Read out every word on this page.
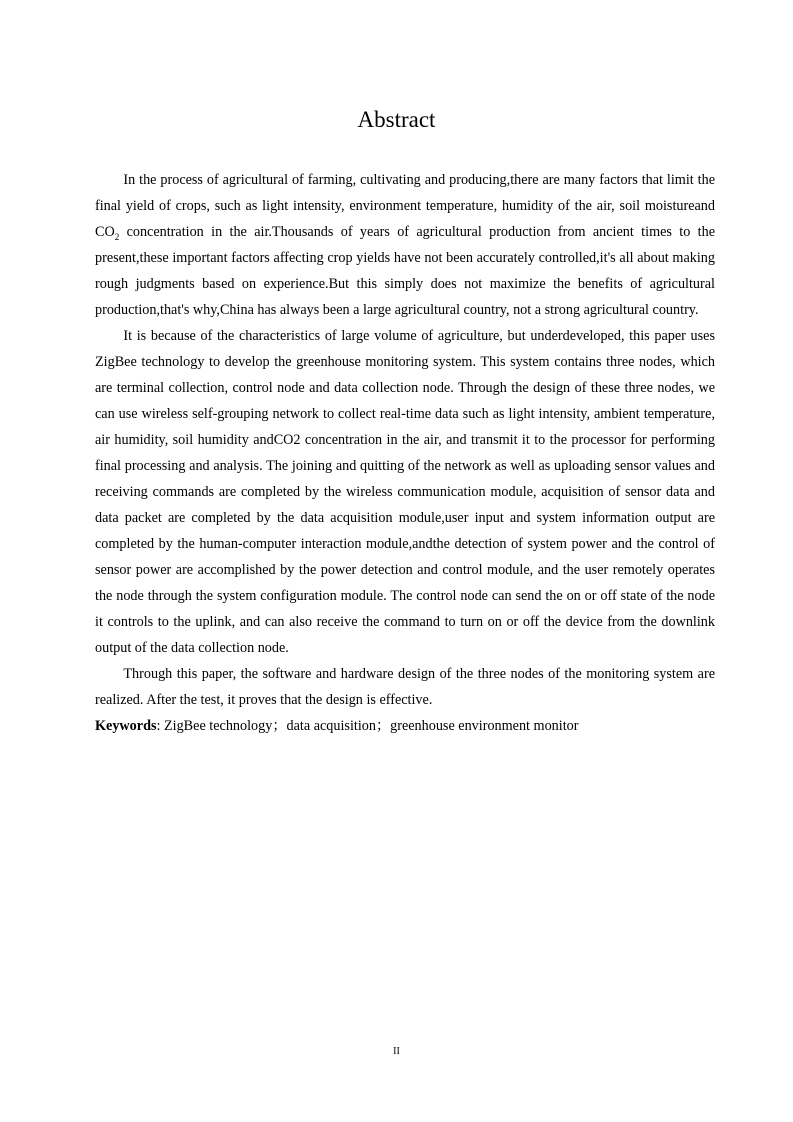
Abstract

In the process of agricultural of farming, cultivating and producing,there are many factors that limit the final yield of crops, such as light intensity, environment temperature, humidity of the air, soil moistureand $CO_2$ concentration in the air.Thousands of years of agricultural production from ancient times to the present,these important factors affecting crop yields have not been accurately controlled,it's all about making rough judgments based on experience.But this simply does not maximize the benefits of agricultural production,that's why,China has always been a large agricultural country, not a strong agricultural country.

It is because of the characteristics of large volume of agriculture, but underdeveloped, this paper uses ZigBee technology to develop the greenhouse monitoring system. This system contains three nodes, which are terminal collection, control node and data collection node. Through the design of these three nodes, we can use wireless self-grouping network to collect real-time data such as light intensity, ambient temperature, air humidity, soil humidity andCO2 concentration in the air, and transmit it to the processor for performing final processing and analysis. The joining and quitting of the network as well as uploading sensor values and receiving commands are completed by the wireless communication module, acquisition of sensor data and data packet are completed by the data acquisition module,user input and system information output are completed by the human-computer interaction module,andthe detection of system power and the control of sensor power are accomplished by the power detection and control module, and the user remotely operates the node through the system configuration module. The control node can send the on or off state of the node it controls to the uplink, and can also receive the command to turn on or off the device from the downlink output of the data collection node.

Through this paper, the software and hardware design of the three nodes of the monitoring system are realized. After the test, it proves that the design is effective.

Keywords: ZigBee technology；data acquisition；greenhouse environment monitor

II
